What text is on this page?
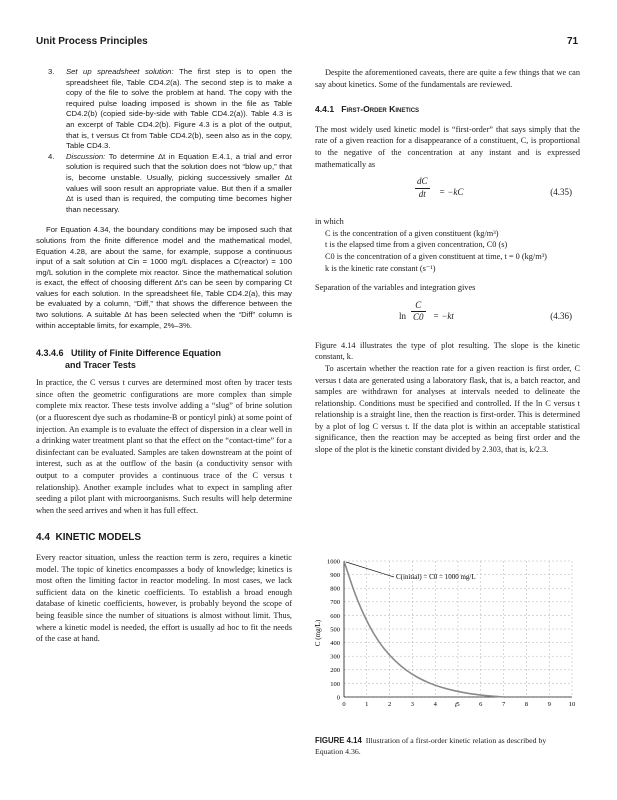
Unit Process Principles	71
3. Set up spreadsheet solution: The first step is to open the spreadsheet file, Table CD4.2(a). The second step is to make a copy of the file to solve the problem at hand. The copy with the required pulse loading imposed is shown in the file as Table CD4.2(b) (copied side-by-side with Table CD4.2(a)). Table 4.3 is an excerpt of Table CD4.2(b). Figure 4.3 is a plot of the output, that is, t versus Ct from Table CD4.2(b), seen also as in the copy, Table CD4.3.
4. Discussion: To determine Δt in Equation E.4.1, a trial and error solution is required such that the solution does not “blow up,” that is, become unstable. Usually, picking successively smaller Δt values will soon result an appropriate value. But then if a smaller Δt is used than is required, the computing time becomes higher than necessary.

For Equation 4.34, the boundary conditions may be imposed such that solutions from the finite difference model and the mathematical model, Equation 4.28, are about the same, for example, suppose a continuous input of a salt solution at Cin = 1000 mg/L displaces a C(reactor) = 100 mg/L solution in the complete mix reactor. Since the mathematical solution is exact, the effect of choosing different Δt's can be seen by comparing Ct values for each solution. In the spreadsheet file, Table CD4.2(a), this may be evaluated by a column, “Diff,” that shows the difference between the two solutions. A suitable Δt has been selected when the “Diff” column is within acceptable limits, for example, 2%–3%.

4.3.4.6 Utility of Finite Difference Equation
and Tracer Tests

In practice, the C versus t curves are determined most often by tracer tests since often the geometric configurations are more complex than simple complete mix reactor. These tests involve adding a “slug” of brine solution (or a fluorescent dye such as rhodamine-B or ponticyl pink) at some point of injection. An example is to evaluate the effect of dispersion in a clear well in a drinking water treatment plant so that the effect on the “contact-time” for a disinfectant can be evaluated. Samples are taken downstream at the point of interest, such as at the outflow of the basin (a conductivity sensor with output to a computer provides a continuous trace of the C versus t relationship). Another example includes what to expect in sampling after seeding a pilot plant with microorganisms. Such results will help determine when the seed arrives and when it has full effect.

4.4 KINETIC MODELS

Every reactor situation, unless the reaction term is zero, requires a kinetic model. The topic of kinetics encompasses a body of knowledge; kinetics is most often the limiting factor in reactor modeling. In most cases, we lack sufficient data on the kinetic coefficients. To establish a broad enough database of kinetic coefficients, however, is probably beyond the scope of being feasible since the number of situations is almost without limit. Thus, where a kinetic model is needed, the effort is usually ad hoc to fit the needs of the case at hand.

Despite the aforementioned caveats, there are quite a few things that we can say about kinetics. Some of the fundamentals are reviewed.

4.4.1 First-Order Kinetics

The most widely used kinetic model is “first-order” that says simply that the rate of a given reaction for a disappearance of a constituent, C, is proportional to the negative of the concentration at any instant and is expressed mathematically as

$\frac{dC}{dt} = -kC$	(4.35)

in which

C is the concentration of a given constituent (kg/m³)

t is the elapsed time from a given concentration, C0 (s)

C0 is the concentration of a given constituent at time, t = 0 (kg/m³)

k is the kinetic rate constant (s⁻¹)

Separation of the variables and integration gives

$\ln \frac{C}{C0} = -kt$	(4.36)

Figure 4.14 illustrates the type of plot resulting. The slope is the kinetic constant, k.

To ascertain whether the reaction rate for a given reaction is first order, C versus t data are generated using a laboratory flask, that is, a batch reactor, and samples are withdrawn for analyses at intervals needed to delineate the relationship. Conditions must be specified and controlled. If the ln C versus t relationship is a straight line, then the reaction is first-order. This is determined by a plot of log C versus t. If the data plot is within an acceptable statistical significance, then the reaction may be accepted as being first order and the slope of the plot is the kinetic constant divided by 2.303, that is, k/2.3.

0
100
200
300
400
500
600
700
800
900
1000
0	1	2	3	4	5	6	7	8	9	10
C(initial) = C0 = 1000 mg/L
C (mg/L)
t
FIGURE 4.14 Illustration of a first-order kinetic relation as described by Equation 4.36.
